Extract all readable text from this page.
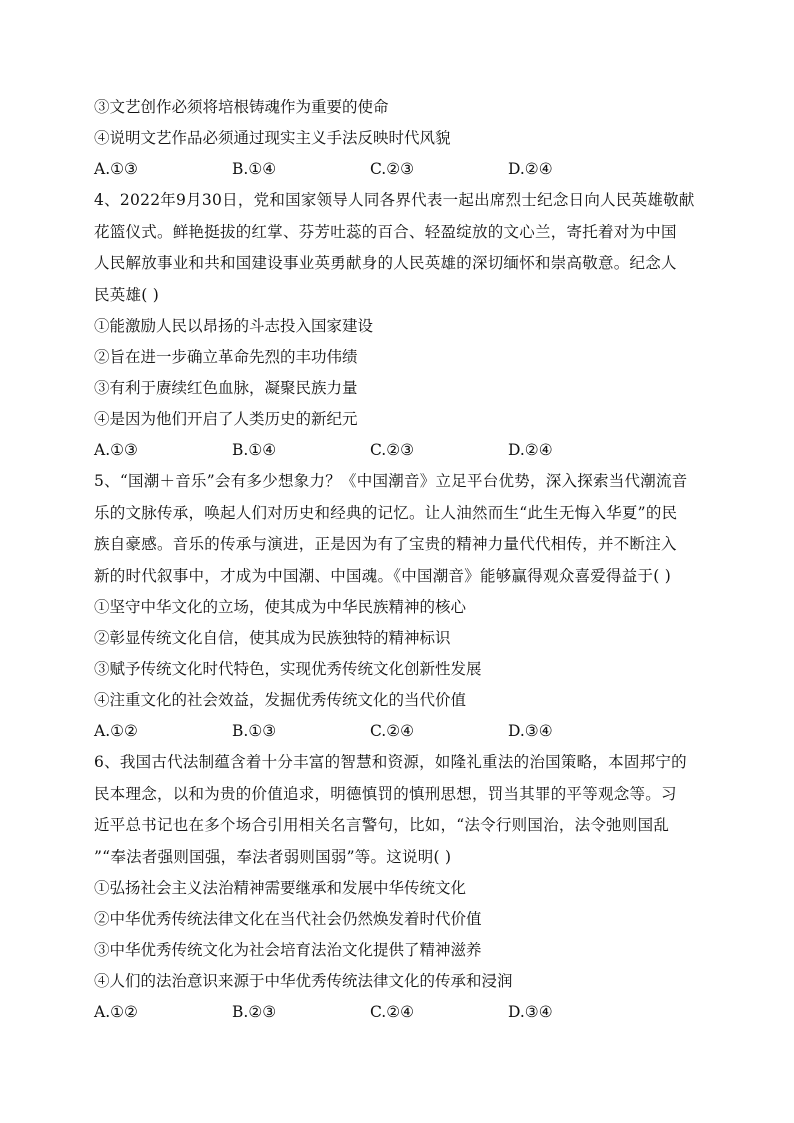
③文艺创作必须将培根铸魂作为重要的使命
④说明文艺作品必须通过现实主义手法反映时代风貌
A.①③	B.①④	C.②③	D.②④
4、2022年9月30日，党和国家领导人同各界代表一起出席烈士纪念日向人民英雄敬献
花篮仪式。鲜艳挺拔的红掌、芬芳吐蕊的百合、轻盈绽放的文心兰，寄托着对为中国
人民解放事业和共和国建设事业英勇献身的人民英雄的深切缅怀和崇高敬意。纪念人
民英雄( )
①能激励人民以昂扬的斗志投入国家建设
②旨在进一步确立革命先烈的丰功伟绩
③有利于赓续红色血脉，凝聚民族力量
④是因为他们开启了人类历史的新纪元
A.①③	B.①④	C.②③	D.②④
5、“国潮＋音乐”会有多少想象力？《中国潮音》立足平台优势，深入探索当代潮流音
乐的文脉传承，唤起人们对历史和经典的记忆。让人油然而生“此生无悔入华夏”的民
族自豪感。音乐的传承与演进，正是因为有了宝贵的精神力量代代相传，并不断注入
新的时代叙事中，才成为中国潮、中国魂。《中国潮音》能够赢得观众喜爱得益于( )
①坚守中华文化的立场，使其成为中华民族精神的核心
②彰显传统文化自信，使其成为民族独特的精神标识
③赋予传统文化时代特色，实现优秀传统文化创新性发展
④注重文化的社会效益，发掘优秀传统文化的当代价值
A.①②	B.①③	C.②④	D.③④
6、我国古代法制蕴含着十分丰富的智慧和资源，如隆礼重法的治国策略，本固邦宁的
民本理念，以和为贵的价值追求，明德慎罚的慎刑思想，罚当其罪的平等观念等。习
近平总书记也在多个场合引用相关名言警句，比如，“法令行则国治，法令弛则国乱
”“奉法者强则国强，奉法者弱则国弱”等。这说明( )
①弘扬社会主义法治精神需要继承和发展中华传统文化
②中华优秀传统法律文化在当代社会仍然焕发着时代价值
③中华优秀传统文化为社会培育法治文化提供了精神滋养
④人们的法治意识来源于中华优秀传统法律文化的传承和浸润
A.①②	B.②③	C.②④	D.③④
